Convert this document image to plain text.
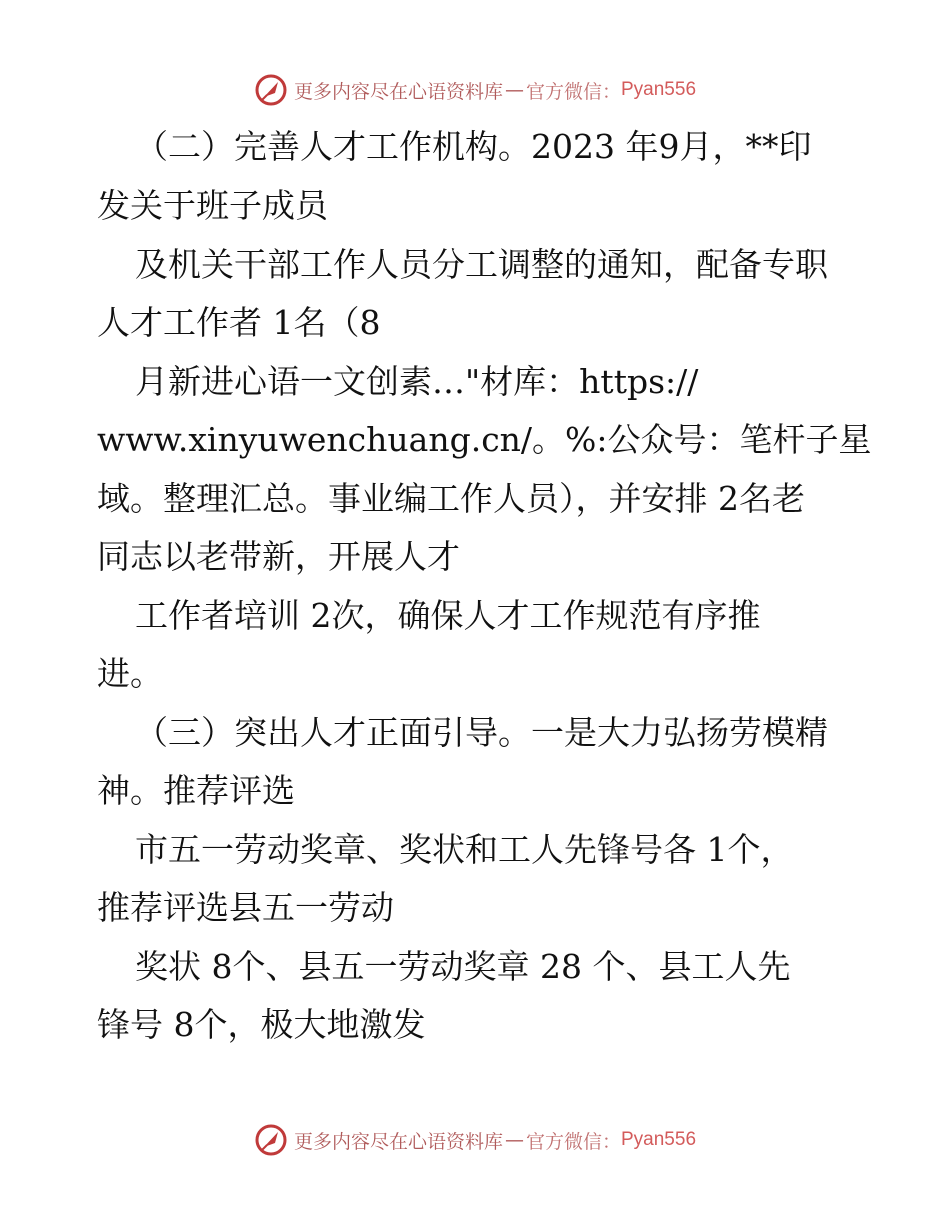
更多内容尽在心语资料库 — 官方微信： Pyan556
（二）完善人才工作机构。2023 年9月，**印
发关于班子成员
及机关干部工作人员分工调整的通知，配备专职
人才工作者 1名（8
月新进心语一文创素…"材库：https://
www.xinyuwenchuang.cn/。%:公众号：笔杆子星
域。整理汇总。事业编工作人员），并安排 2名老
同志以老带新，开展人才
工作者培训 2次，确保人才工作规范有序推
进。
（三）突出人才正面引导。一是大力弘扬劳模精
神。推荐评选
市五一劳动奖章、奖状和工人先锋号各 1个，
推荐评选县五一劳动
奖状 8个、县五一劳动奖章 28 个、县工人先
锋号 8个，极大地激发
更多内容尽在心语资料库 — 官方微信： Pyan556
